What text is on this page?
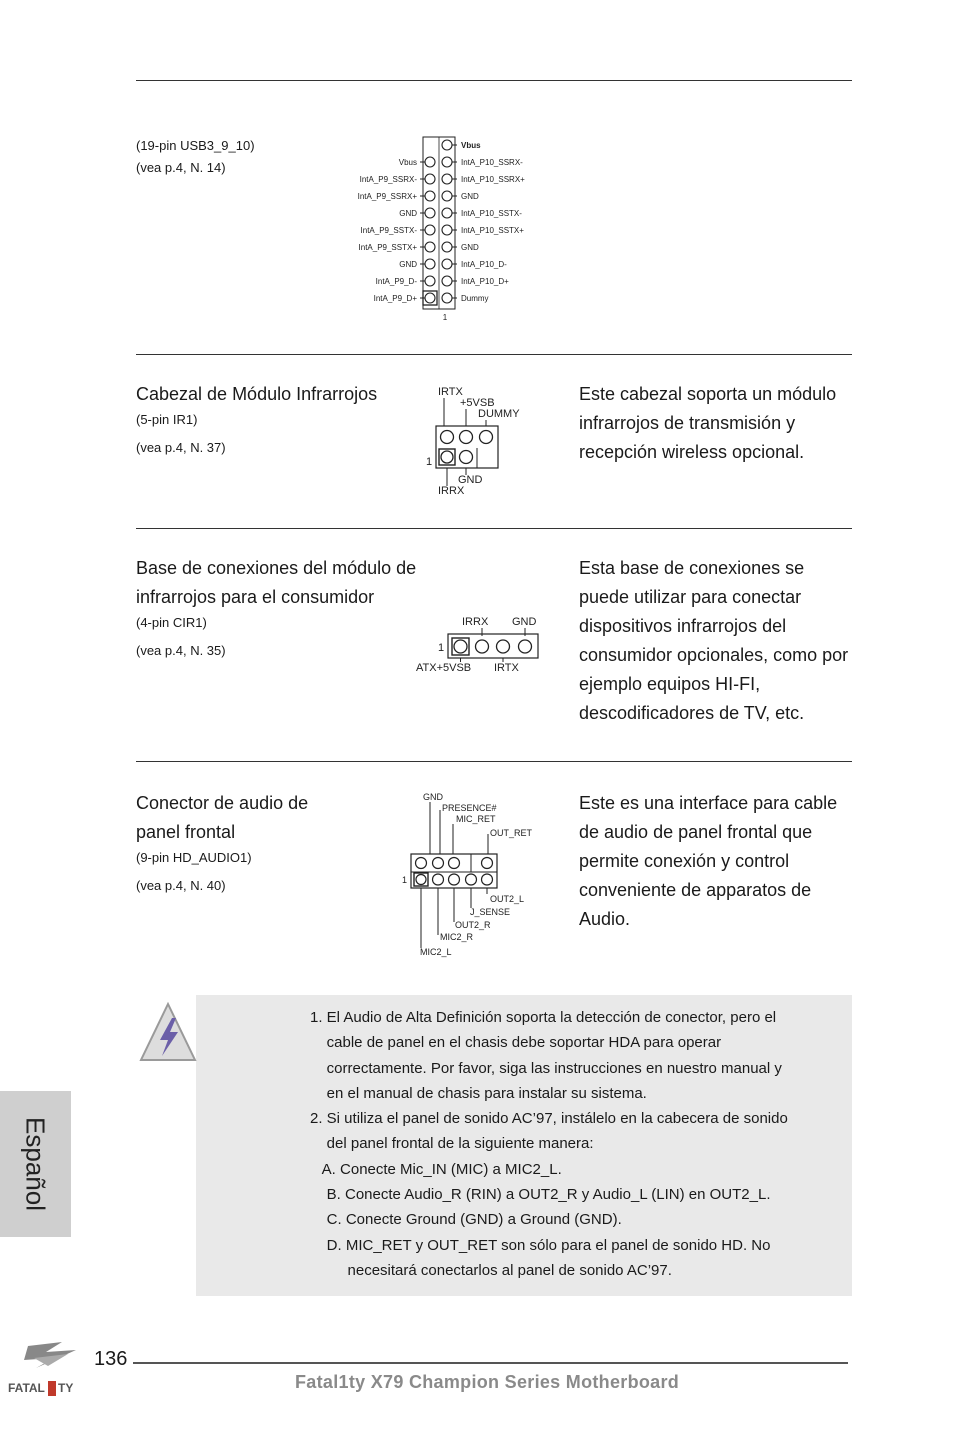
(19-pin USB3_9_10)
(vea p.4, N. 14)
Vbus
IntA_P10_SSRX-
IntA_P10_SSRX+
GND
IntA_P10_SSTX-
IntA_P10_SSTX+
GND
IntA_P10_D-
IntA_P10_D+
Dummy
Vbus
IntA_P9_SSRX-
IntA_P9_SSRX+
GND
IntA_P9_SSTX-
IntA_P9_SSTX+
GND
IntA_P9_D-
IntA_P9_D+
1
Cabezal de Módulo Infrarrojos
(5-pin IR1)
(vea p.4, N. 37)
IRTX
+5VSB
DUMMY
1
GND
IRRX
Este cabezal soporta un módulo infrarrojos de transmisión y recepción wireless opcional.
Base de conexiones del módulo de infrarrojos para el consumidor
(4-pin CIR1)
(vea p.4, N. 35)
IRRX GND
1
ATX+5VSB IRTX
Esta base de conexiones se puede utilizar para conectar dispositivos infrarrojos del consumidor opcionales, como por ejemplo equipos HI-FI, descodificadores de TV, etc.
Conector de audio de panel frontal
(9-pin HD_AUDIO1)
(vea p.4, N. 40)
GND
PRESENCE#
MIC_RET
OUT_RET
1
OUT2_L
J_SENSE
OUT2_R
MIC2_R
MIC2_L
Este es una interface para cable de audio de panel frontal que permite conexión y control conveniente de apparatos de Audio.
1. El Audio de Alta Definición soporta la detección de conector, pero el
cable de panel en el chasis debe soportar HDA para operar
correctamente. Por favor, siga las instrucciones en nuestro manual y
en el manual de chasis para instalar su sistema.
2. Si utiliza el panel de sonido AC’97, instálelo en la cabecera de sonido
del panel frontal de la siguiente manera:
A. Conecte Mic_IN (MIC) a MIC2_L.
B. Conecte Audio_R (RIN) a OUT2_R y Audio_L (LIN) en OUT2_L.
C. Conecte Ground (GND) a Ground (GND).
D. MIC_RET y OUT_RET son sólo para el panel de sonido HD. No
necesitará conectarlos al panel de sonido AC’97.
Español
FATAL TY
136
Fatal1ty X79 Champion Series Motherboard
